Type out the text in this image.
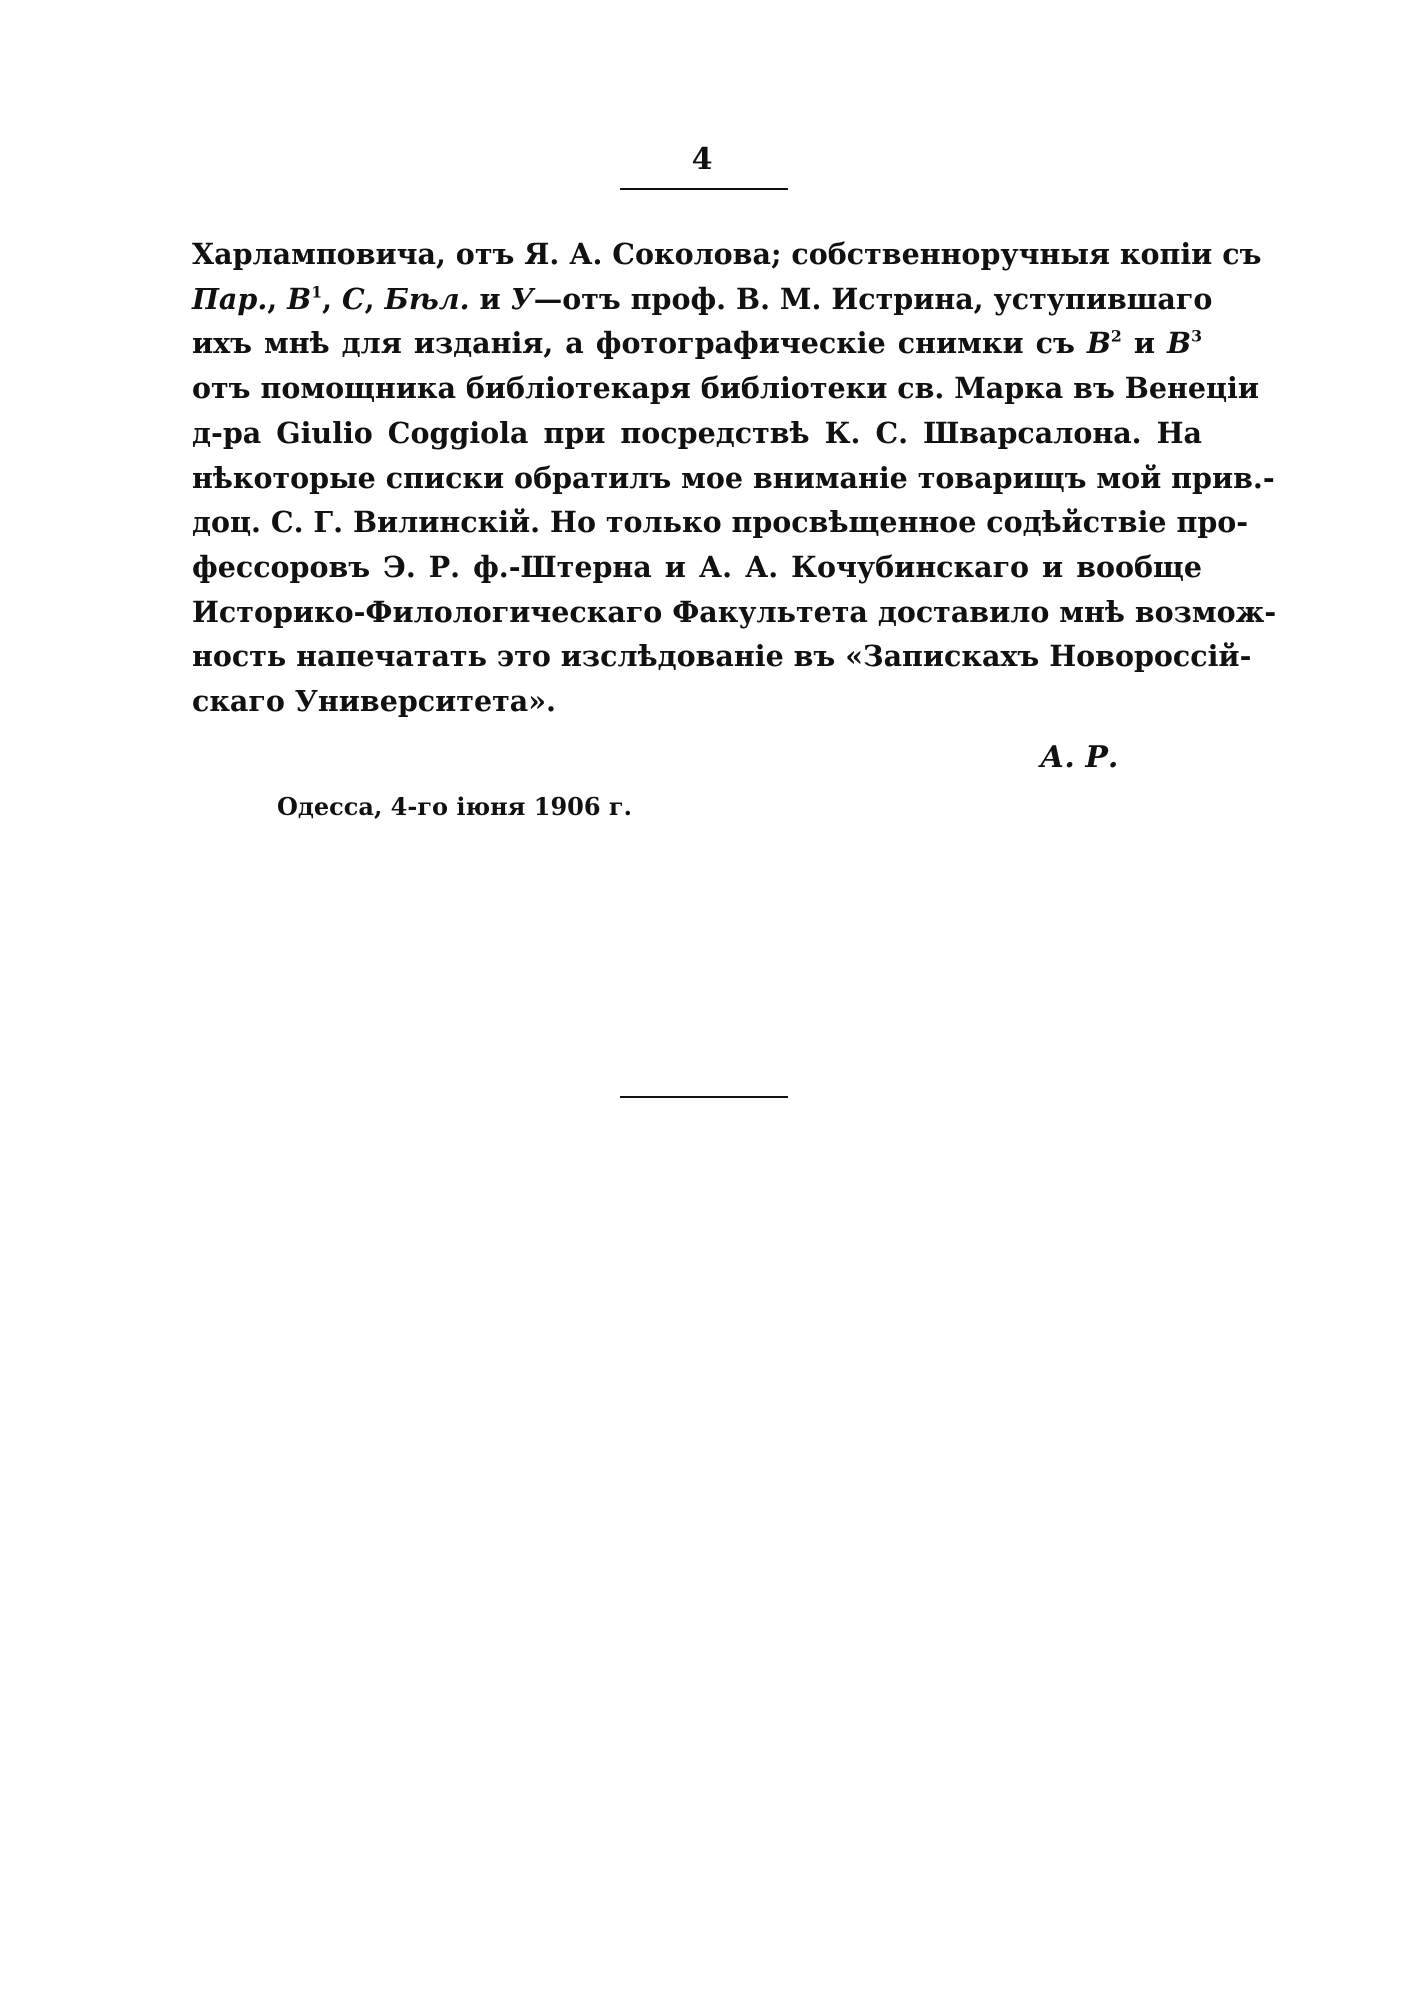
4
Харламповича, отъ Я. А. Соколова; собственноручныя копіи съ
Пар., $B^1$, С, Бѣл. и У—отъ проф. В. М. Истрина, уступившаго
ихъ мнѣ для изданія, а фотографическіе снимки съ $B^2$ и $B^3$
отъ помощника библіотекаря библіотеки св. Марка въ Венеціи
д-ра Giulio Coggiola при посредствѣ К. С. Шварсалона. На
нѣкоторые списки обратилъ мое вниманіе товарищъ мой прив.-
доц. С. Г. Вилинскій. Но только просвѣщенное содѣйствіе про-
фессоровъ Э. Р. ф.-Штерна и А. А. Кочубинскаго и вообще
Историко-Филологическаго Факультета доставило мнѣ возмож-
ность напечатать это изслѣдованіе въ «Запискахъ Новороссій-
скаго Университета».
А. Р.
Одесса, 4-го іюня 1906 г.
